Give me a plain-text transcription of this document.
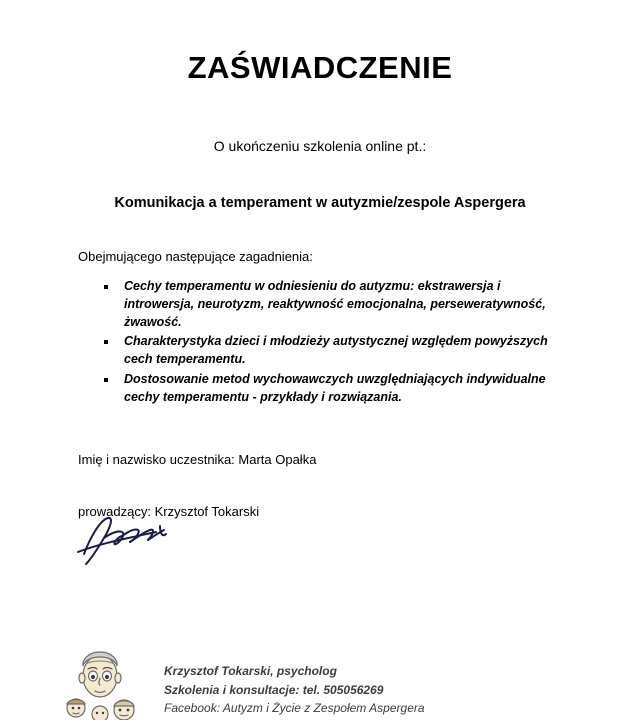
ZAŚWIADCZENIE
O ukończeniu szkolenia online pt.:
Komunikacja a temperament w autyzmie/zespole Aspergera
Obejmującego następujące zagadnienia:
▪ Cechy temperamentu w odniesieniu do autyzmu: ekstrawersja i introwersja, neurotyzm, reaktywność emocjonalna, perseweratywność, żwawość.
▪ Charakterystyka dzieci i młodzieży autystycznej względem powyższych cech temperamentu.
▪ Dostosowanie metod wychowawczych uwzględniających indywidualne cechy temperamentu - przykłady i rozwiązania.
Imię i nazwisko uczestnika: Marta Opałka
prowadzący: Krzysztof Tokarski
Krzysztof Tokarski, psycholog
Szkolenia i konsultacje: tel. 505056269
Facebook: Autyzm i Życie z Zespołem Aspergera
